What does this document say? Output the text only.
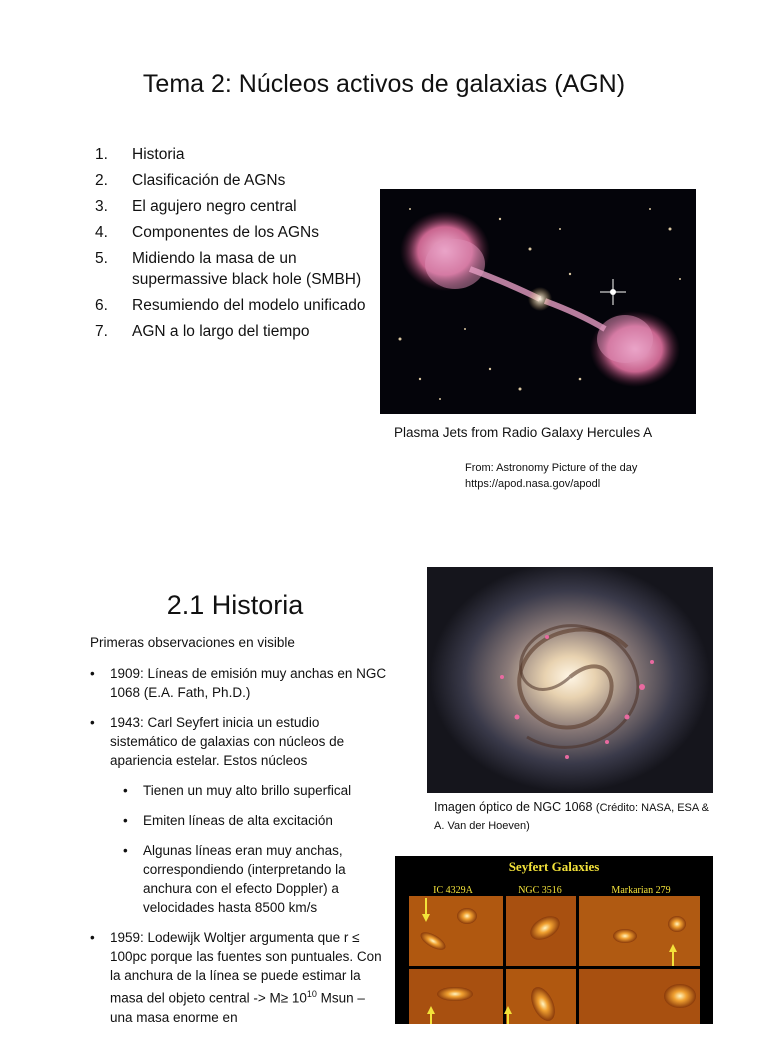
Tema 2: Núcleos activos de galaxias (AGN)
1.	Historia
2.	Clasificación de AGNs
3.	El agujero negro central
4.	Componentes de los AGNs
5.	Midiendo la masa de un supermassive black hole (SMBH)
6.	Resumiendo del modelo unificado
7.	AGN a lo largo del tiempo
Plasma Jets from Radio Galaxy Hercules A
From: Astronomy Picture of the day
https://apod.nasa.gov/apodl
2.1 Historia
Primeras observaciones en visible
•	1909: Líneas de emisión muy anchas en NGC 1068 (E.A. Fath, Ph.D.)
•	1943: Carl Seyfert inicia un estudio sistemático de galaxias con núcleos de apariencia estelar. Estos núcleos
•	Tienen un muy alto brillo superfical
•	Emiten líneas de alta excitación
•	Algunas líneas eran muy anchas, correspondiendo (interpretando la anchura con el efecto Doppler) a velocidades hasta 8500 km/s
•	1959: Lodewijk Woltjer argumenta que r ≤ 100pc porque las fuentes son puntuales. Con la anchura de la línea se puede estimar la masa del objeto central -> $M\ge 10^{10}$ Msun – una masa enorme en
Imagen óptico de NGC 1068 (Crédito: NASA, ESA & A. Van der Hoeven)
Seyfert Galaxies
IC 4329A	NGC 3516	Markarian 279
